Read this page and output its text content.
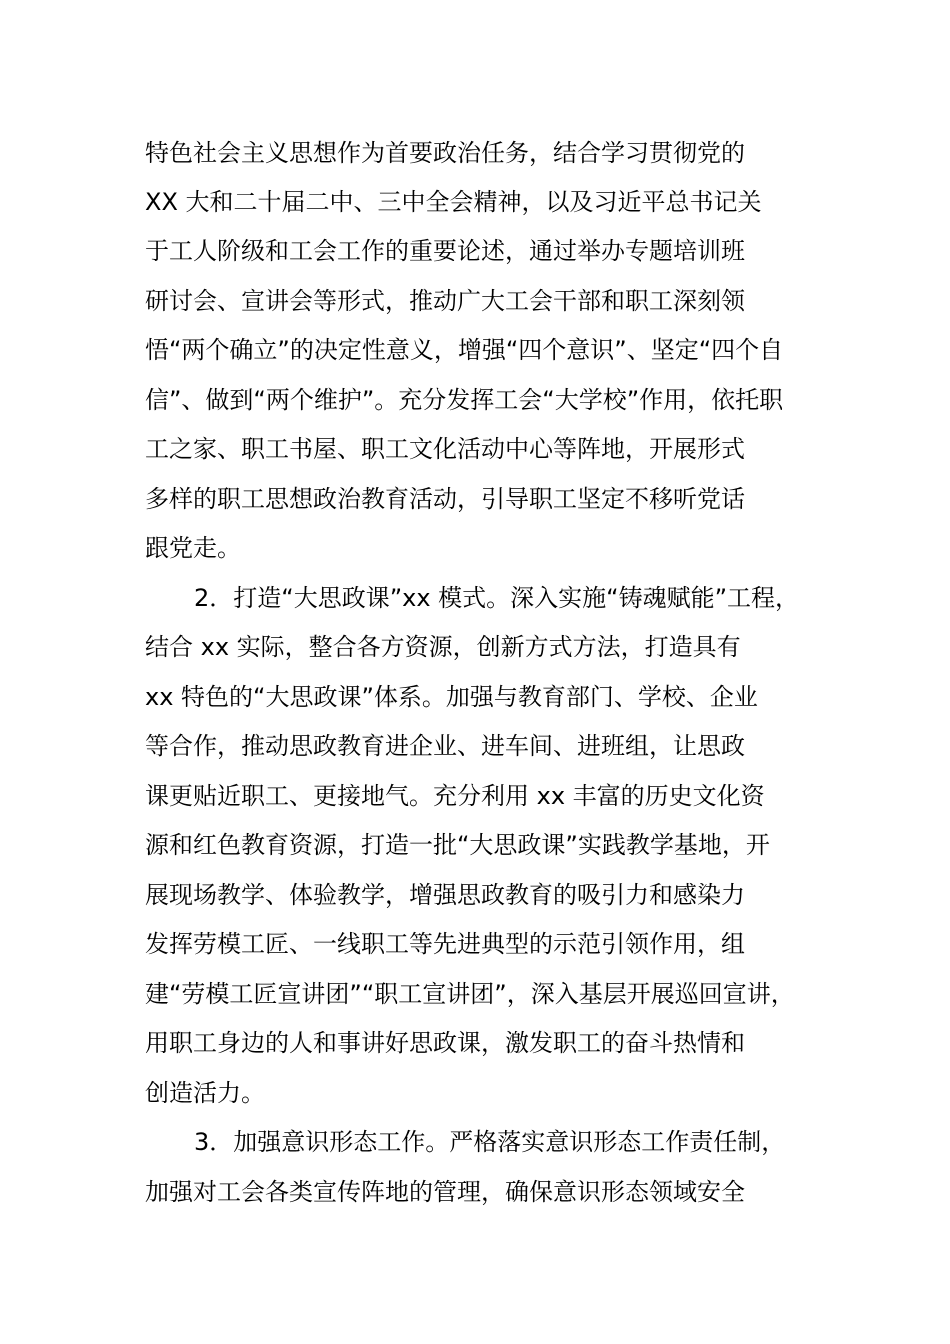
特色社会主义思想作为首要政治任务，结合学习贯彻党的
XX 大和二十届二中、三中全会精神，以及习近平总书记关
于工人阶级和工会工作的重要论述，通过举办专题培训班
研讨会、宣讲会等形式，推动广大工会干部和职工深刻领
悟“两个确立”的决定性意义，增强“四个意识”、坚定“四个自
信”、做到“两个维护”。充分发挥工会“大学校”作用，依托职
工之家、职工书屋、职工文化活动中心等阵地，开展形式
多样的职工思想政治教育活动，引导职工坚定不移听党话
跟党走。
2．打造“大思政课”xx 模式。深入实施“铸魂赋能”工程，
结合 xx 实际，整合各方资源，创新方式方法，打造具有
xx 特色的“大思政课”体系。加强与教育部门、学校、企业
等合作，推动思政教育进企业、进车间、进班组，让思政
课更贴近职工、更接地气。充分利用 xx 丰富的历史文化资
源和红色教育资源，打造一批“大思政课”实践教学基地，开
展现场教学、体验教学，增强思政教育的吸引力和感染力
发挥劳模工匠、一线职工等先进典型的示范引领作用，组
建“劳模工匠宣讲团”“职工宣讲团”，深入基层开展巡回宣讲，
用职工身边的人和事讲好思政课，激发职工的奋斗热情和
创造活力。
3．加强意识形态工作。严格落实意识形态工作责任制，
加强对工会各类宣传阵地的管理，确保意识形态领域安全
